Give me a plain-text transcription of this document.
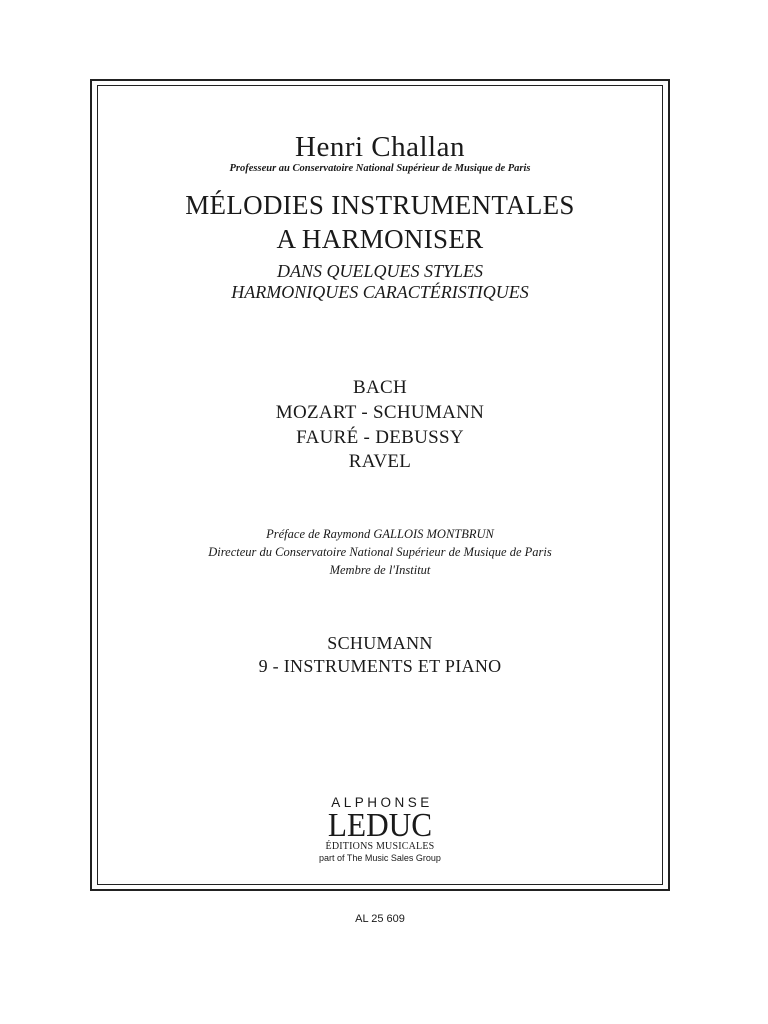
Henri Challan
Professeur au Conservatoire National Supérieur de Musique de Paris
MÉLODIES INSTRUMENTALES
A HARMONISER
DANS QUELQUES STYLES
HARMONIQUES CARACTÉRISTIQUES
BACH
MOZART - SCHUMANN
FAURÉ - DEBUSSY
RAVEL
Préface de Raymond GALLOIS MONTBRUN
Directeur du Conservatoire National Supérieur de Musique de Paris
Membre de l'Institut
SCHUMANN
9 - INSTRUMENTS ET PIANO
ALPHONSE
LEDUC
ÉDITIONS MUSICALES
part of The Music Sales Group
AL 25 609
